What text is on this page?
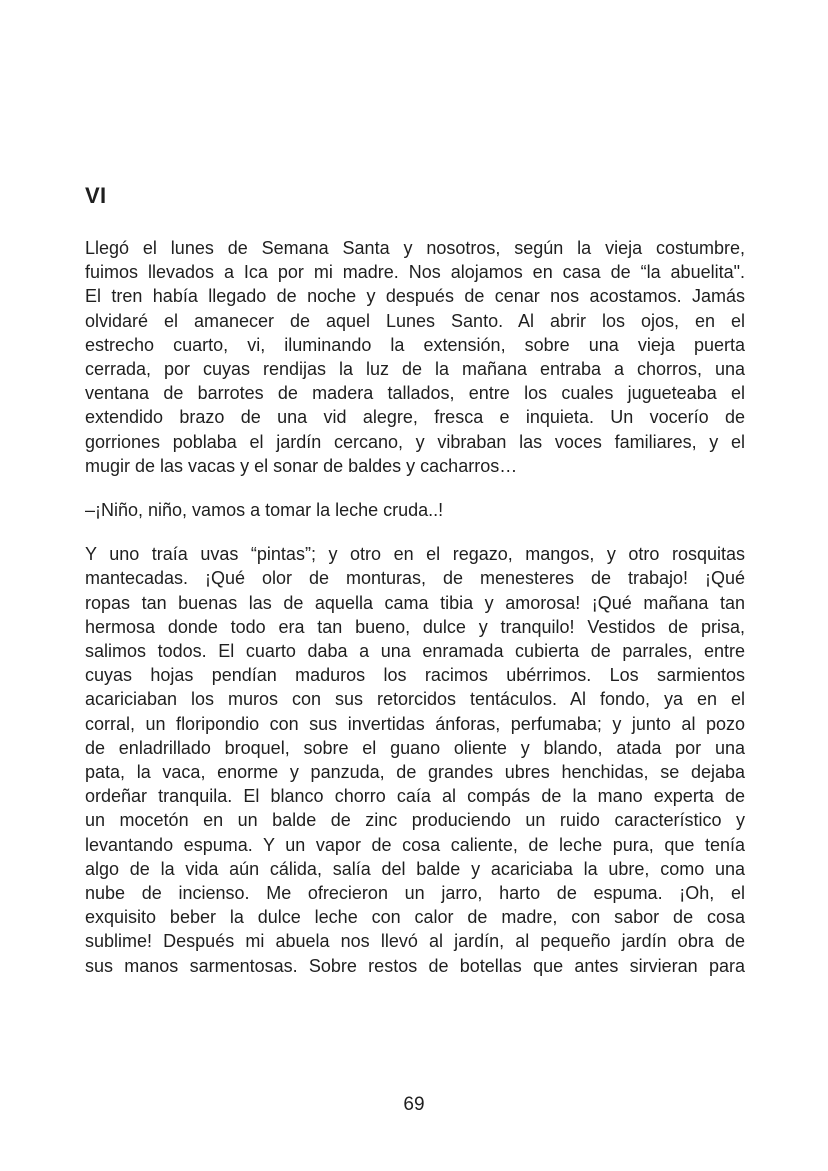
VI
Llegó el lunes de Semana Santa y nosotros, según la vieja costumbre,
fuimos llevados a Ica por mi madre. Nos alojamos en casa de “la abuelita".
El tren había llegado de noche y después de cenar nos acostamos. Jamás
olvidaré el amanecer de aquel Lunes Santo. Al abrir los ojos, en el
estrecho cuarto, vi, iluminando la extensión, sobre una vieja puerta
cerrada, por cuyas rendijas la luz de la mañana entraba a chorros, una
ventana de barrotes de madera tallados, entre los cuales jugueteaba el
extendido brazo de una vid alegre, fresca e inquieta. Un vocerío de
gorriones poblaba el jardín cercano, y vibraban las voces familiares, y el
mugir de las vacas y el sonar de baldes y cacharros…
–¡Niño, niño, vamos a tomar la leche cruda..!
Y uno traía uvas “pintas”; y otro en el regazo, mangos, y otro rosquitas
mantecadas. ¡Qué olor de monturas, de menesteres de trabajo! ¡Qué
ropas tan buenas las de aquella cama tibia y amorosa! ¡Qué mañana tan
hermosa donde todo era tan bueno, dulce y tranquilo! Vestidos de prisa,
salimos todos. El cuarto daba a una enramada cubierta de parrales, entre
cuyas hojas pendían maduros los racimos ubérrimos. Los sarmientos
acariciaban los muros con sus retorcidos tentáculos. Al fondo, ya en el
corral, un floripondio con sus invertidas ánforas, perfumaba; y junto al pozo
de enladrillado broquel, sobre el guano oliente y blando, atada por una
pata, la vaca, enorme y panzuda, de grandes ubres henchidas, se dejaba
ordeñar tranquila. El blanco chorro caía al compás de la mano experta de
un mocetón en un balde de zinc produciendo un ruido característico y
levantando espuma. Y un vapor de cosa caliente, de leche pura, que tenía
algo de la vida aún cálida, salía del balde y acariciaba la ubre, como una
nube de incienso. Me ofrecieron un jarro, harto de espuma. ¡Oh, el
exquisito beber la dulce leche con calor de madre, con sabor de cosa
sublime! Después mi abuela nos llevó al jardín, al pequeño jardín obra de
sus manos sarmentosas. Sobre restos de botellas que antes sirvieran para
69
